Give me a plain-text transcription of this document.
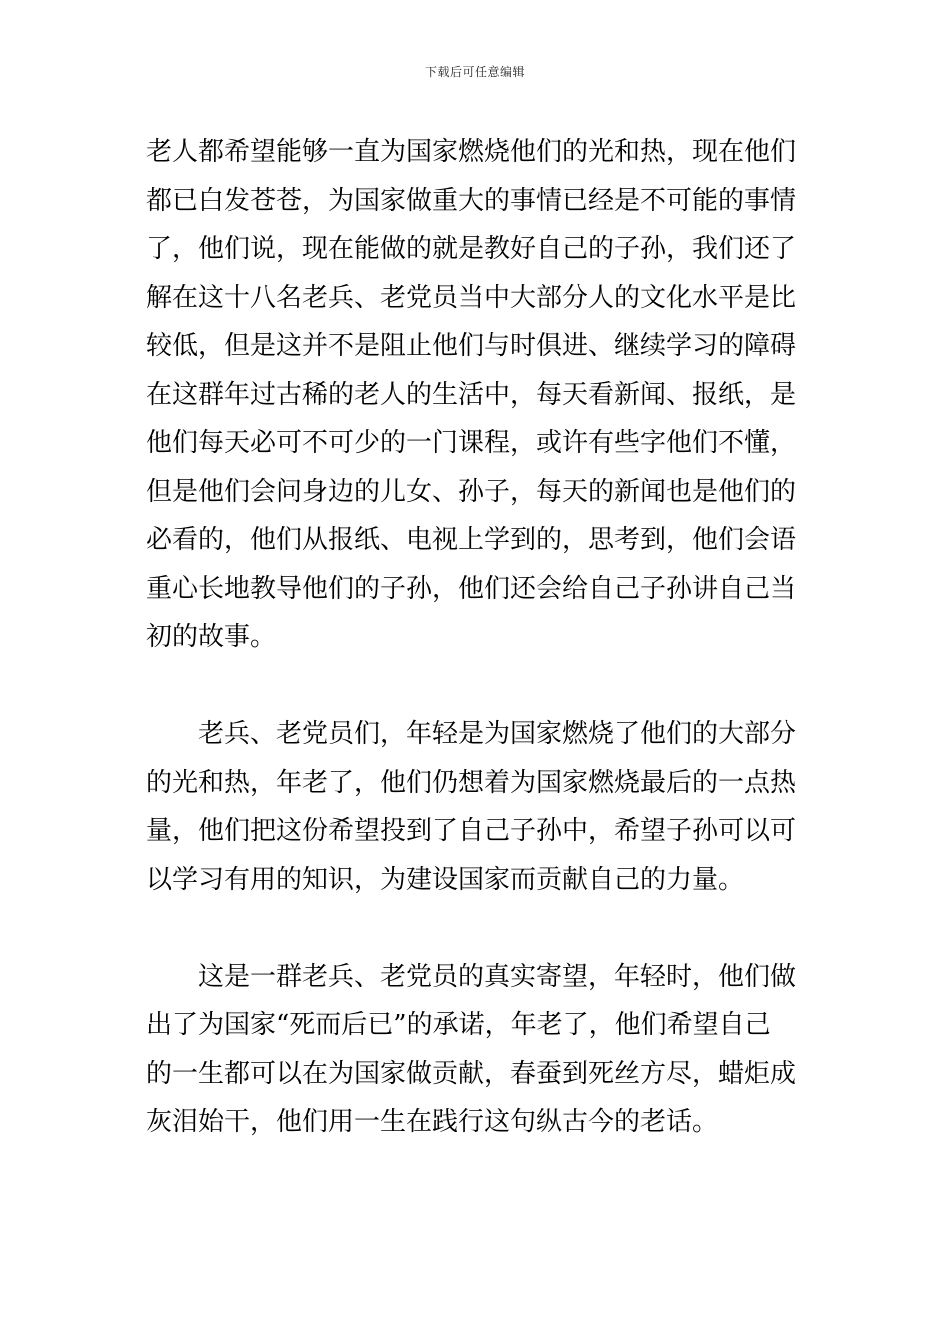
下载后可任意编辑
老人都希望能够一直为国家燃烧他们的光和热，现在他们
都已白发苍苍，为国家做重大的事情已经是不可能的事情
了，他们说，现在能做的就是教好自己的子孙，我们还了
解在这十八名老兵、老党员当中大部分人的文化水平是比
较低，但是这并不是阻止他们与时俱进、继续学习的障碍
在这群年过古稀的老人的生活中，每天看新闻、报纸，是
他们每天必可不可少的一门课程，或许有些字他们不懂，
但是他们会问身边的儿女、孙子，每天的新闻也是他们的
必看的，他们从报纸、电视上学到的，思考到，他们会语
重心长地教导他们的子孙，他们还会给自己子孙讲自己当
初的故事。
老兵、老党员们，年轻是为国家燃烧了他们的大部分
的光和热，年老了，他们仍想着为国家燃烧最后的一点热
量，他们把这份希望投到了自己子孙中，希望子孙可以可
以学习有用的知识，为建设国家而贡献自己的力量。
这是一群老兵、老党员的真实寄望，年轻时，他们做
出了为国家“死而后已”的承诺，年老了，他们希望自己
的一生都可以在为国家做贡献，春蚕到死丝方尽，蜡炬成
灰泪始干，他们用一生在践行这句纵古今的老话。
